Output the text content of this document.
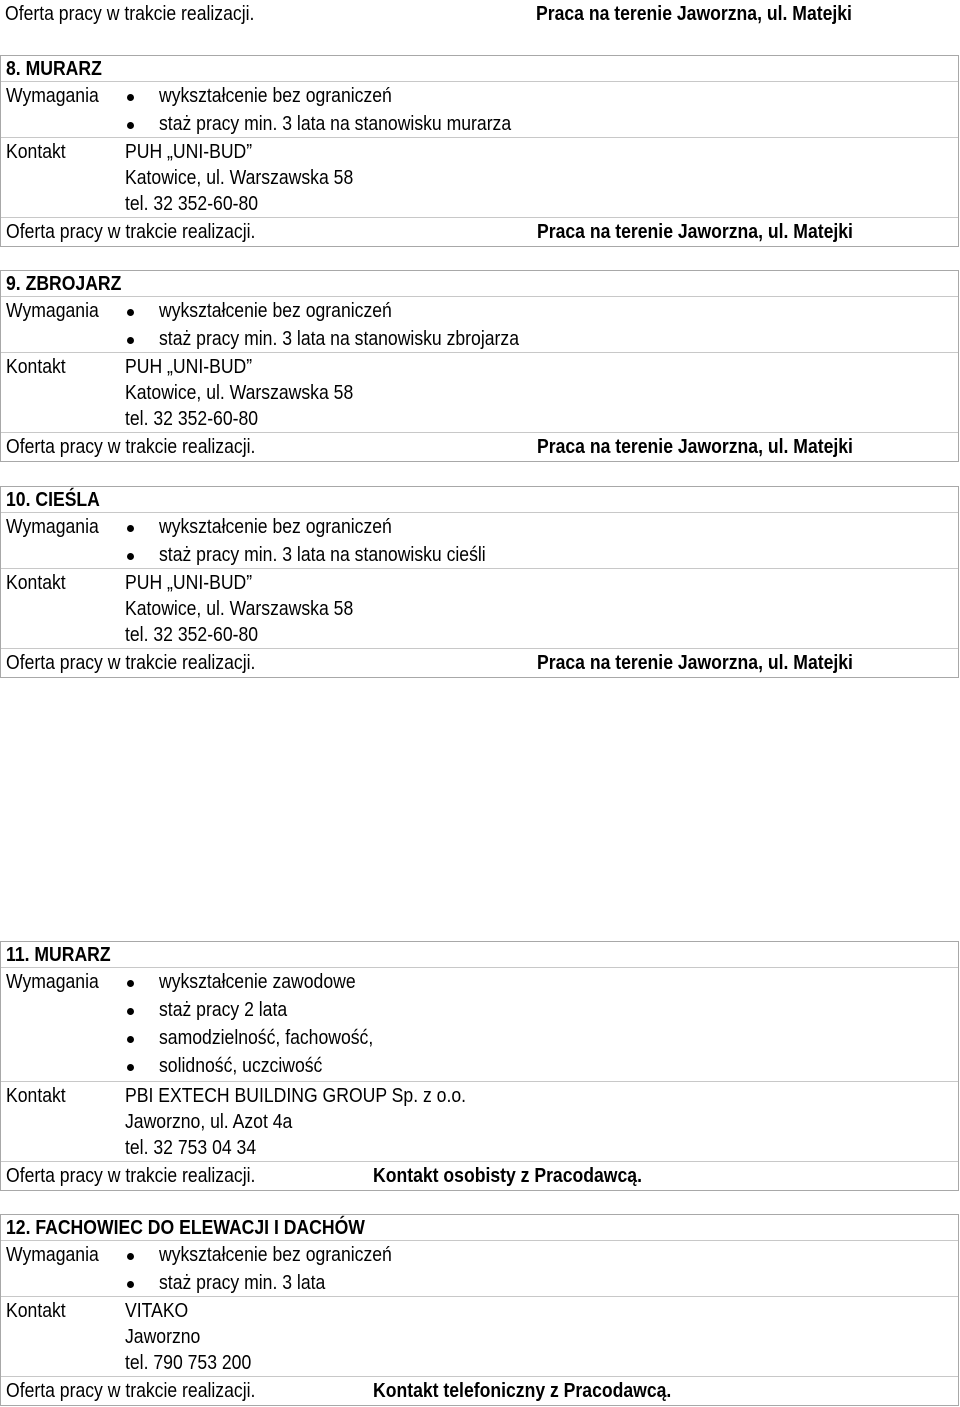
Oferta pracy w trakcie realizacji.	Praca na terenie Jaworzna, ul. Matejki
8. MURARZ
Wymagania	wykształcenie bez ograniczeń
staż pracy min. 3 lata na stanowisku murarza
Kontakt	PUH „UNI-BUD”
Katowice, ul. Warszawska 58
tel. 32 352-60-80
Oferta pracy w trakcie realizacji.	Praca na terenie Jaworzna, ul. Matejki
9. ZBROJARZ
Wymagania	wykształcenie bez ograniczeń
staż pracy min. 3 lata na stanowisku zbrojarza
Kontakt	PUH „UNI-BUD”
Katowice, ul. Warszawska 58
tel. 32 352-60-80
Oferta pracy w trakcie realizacji.	Praca na terenie Jaworzna, ul. Matejki
10. CIEŚLA
Wymagania	wykształcenie bez ograniczeń
staż pracy min. 3 lata na stanowisku cieśli
Kontakt	PUH „UNI-BUD”
Katowice, ul. Warszawska 58
tel. 32 352-60-80
Oferta pracy w trakcie realizacji.	Praca na terenie Jaworzna, ul. Matejki
11. MURARZ
Wymagania	wykształcenie zawodowe
staż pracy 2 lata
samodzielność, fachowość,
solidność, uczciwość
Kontakt	PBI EXTECH BUILDING GROUP Sp. z o.o.
Jaworzno, ul. Azot 4a
tel. 32 753 04 34
Oferta pracy w trakcie realizacji.	Kontakt osobisty z Pracodawcą.
12. FACHOWIEC DO ELEWACJI I DACHÓW
Wymagania	wykształcenie bez ograniczeń
staż pracy min. 3 lata
Kontakt	VITAKO
Jaworzno
tel. 790 753 200
Oferta pracy w trakcie realizacji.	Kontakt telefoniczny z Pracodawcą.
